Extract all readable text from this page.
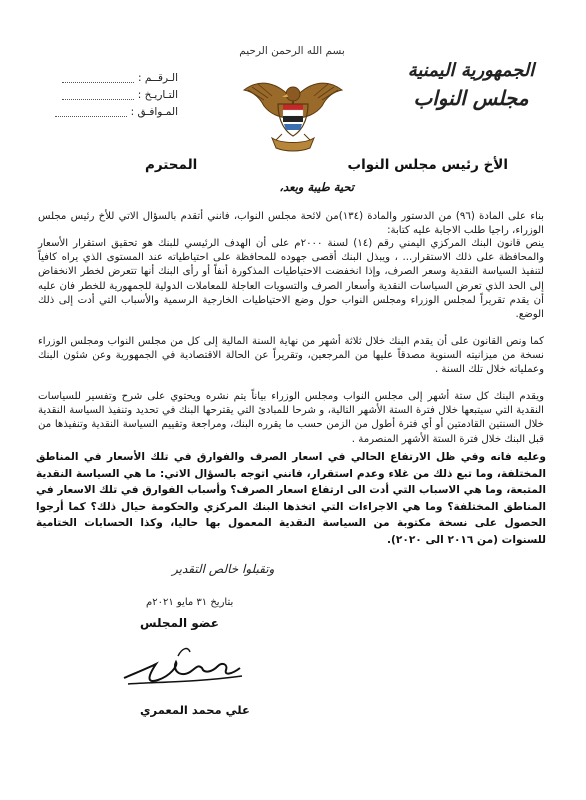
الـرقــم :
التـاريـخ :
المـوافـق :
بسم الله الرحمن الرحيم
الجمهورية اليمنية
مجلس النواب
الأخ رئيس مجلس النواب
المحترم
تحية طيبة وبعد،

بناء على المادة (٩٦) من الدستور والمادة (١٣٤)من لائحة مجلس النواب، فانني أتقدم بالسؤال الاتي للأخ رئيس مجلس الوزراء، راجيا طلب الاجابة عليه كتابة:

ينص قانون البنك المركزي اليمني رقم (١٤) لسنة ٢٠٠٠م على أن الهدف الرئيسي للبنك هو تحقيق استقرار الأسعار والمحافظة على ذلك الاستقرار... ، ويبذل البنك أقصى جهوده للمحافظة على احتياطياته عند المستوى الذي يراه كافياً لتنفيذ السياسة النقدية وسعر الصرف، وإذا انخفضت الاحتياطيات المذكورة أنفاً أو رأى البنك أنها تتعرض لخطر الانخفاض إلى الحد الذي تعرض السياسات النقدية وأسعار الصرف والتسويات العاجلة للمعاملات الدولية للجمهورية للخطر فان عليه أن يقدم تقريراً لمجلس الوزراء ومجلس النواب حول وضع الاحتياطيات الخارجية الرسمية والأسباب التي أدت إلى ذلك الوضع.

كما ونص القانون على أن يقدم البنك خلال ثلاثة أشهر من نهاية السنة المالية إلى كل من مجلس النواب ومجلس الوزراء نسخة من ميزانيته السنوية مصدقاً عليها من المرجعين، وتقريراً عن الحالة الاقتصادية في الجمهورية وعن شئون البنك وعملياته خلال تلك السنة .

ويقدم البنك كل ستة أشهر إلى مجلس النواب ومجلس الوزراء بياناً يتم نشره ويحتوي على شرح وتفسير للسياسات النقدية التي سيتبعها خلال فترة الستة الأشهر التالية، و شرحا للمبادئ التي يقترحها البنك في تحديد وتنفيذ السياسة النقدية خلال السنتين القادمتين أو أي فترة أطول من الزمن حسب ما يقرره البنك، ومراجعة وتقييم السياسة النقدية وتنفيذها من قبل البنك خلال فترة الستة الأشهر المنصرمة .

وعليه فانه وفي ظل الارتفاع الحالي في اسعار الصرف والفوارق في تلك الأسعار في المناطق المختلفة، وما تبع ذلك من غلاء وعدم استقرار، فانني اتوجه بالسؤال الاتي: ما هي السياسة النقدية المتبعة، وما هي الاسباب التي أدت الى ارتفاع اسعار الصرف؟ وأسباب الفوارق في تلك الاسعار في المناطق المختلفة؟ وما هي الاجراءات التي اتخذها البنك المركزي والحكومة حيال ذلك؟ كما أرجوا الحصول على نسخة مكتوبة من السياسة النقدية المعمول بها حاليا، وكذا الحسابات الختامية للسنوات (من ٢٠١٦ الى ٢٠٢٠).
وتقبلوا خالص التقدير
بتاريخ ٣١ مايو ٢٠٢١م
عضو المجلس
علي محمد المعمري
